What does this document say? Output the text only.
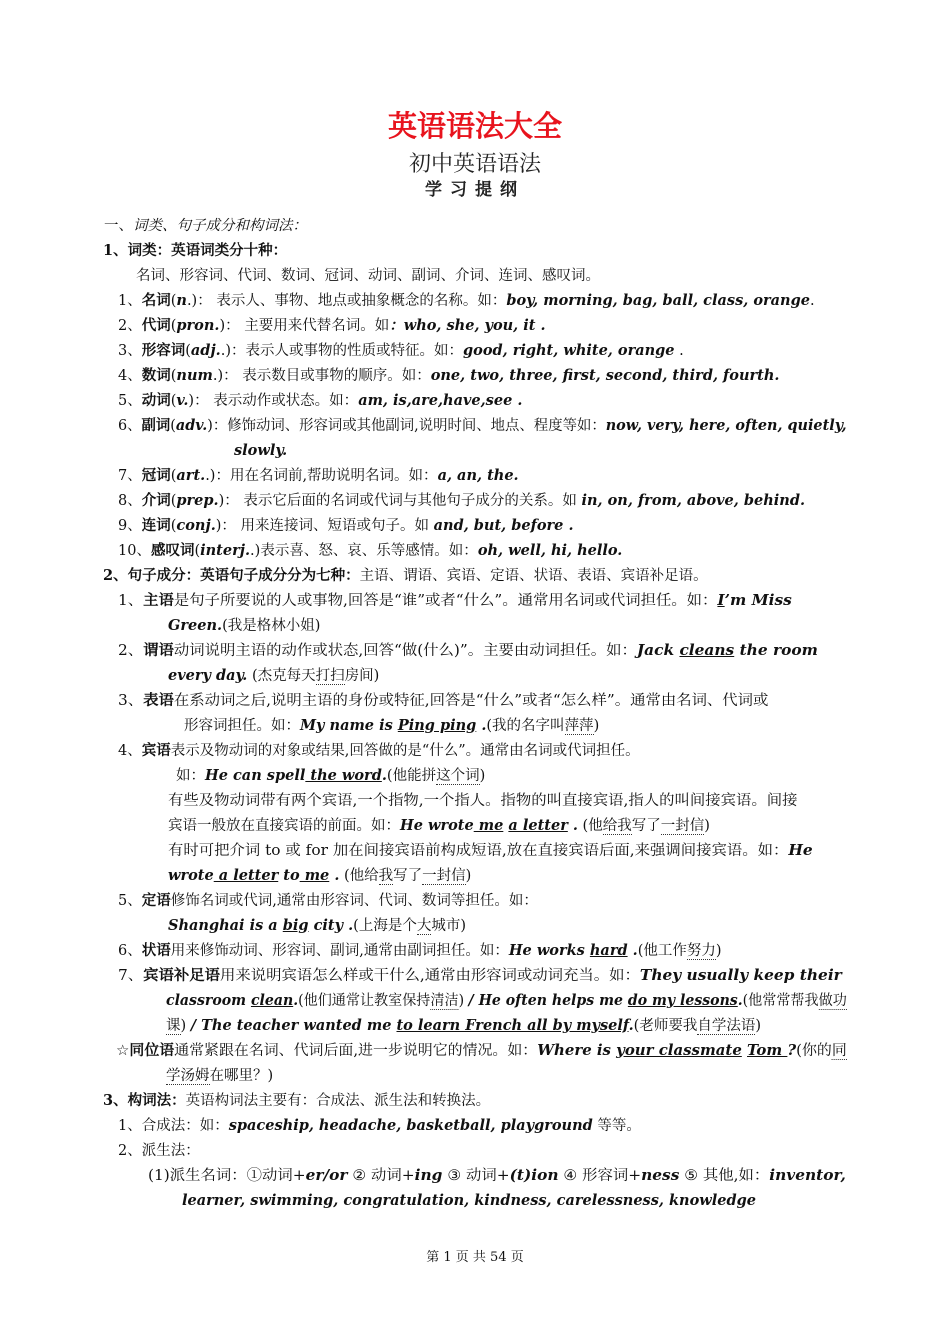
英语语法大全
初中英语语法
学习提纲
一、词类、句子成分和构词法：
1、词类：英语词类分十种：
名词、形容词、代词、数词、冠词、动词、副词、介词、连词、感叹词。
1、名词(n.)： 表示人、事物、地点或抽象概念的名称。如：boy, morning, bag, ball, class, orange.
2、代词(pron.)： 主要用来代替名词。如：who, she, you, it .
3、形容词(adj..)：表示人或事物的性质或特征。如：good, right, white, orange .
4、数词(num.)： 表示数目或事物的顺序。如：one, two, three, first, second, third, fourth.
5、动词(v.)： 表示动作或状态。如：am, is,are,have,see .
6、副词(adv.)：修饰动词、形容词或其他副词,说明时间、地点、程度等如：now, very, here, often, quietly,
slowly.
7、冠词(art..)：用在名词前,帮助说明名词。如：a, an, the.
8、介词(prep.)： 表示它后面的名词或代词与其他句子成分的关系。如 in, on, from, above, behind.
9、连词(conj.)： 用来连接词、短语或句子。如 and, but, before .
10、感叹词(interj..)表示喜、怒、哀、乐等感情。如：oh, well, hi, hello.
2、句子成分：英语句子成分分为七种：主语、谓语、宾语、定语、状语、表语、宾语补足语。
1、主语是句子所要说的人或事物,回答是“谁”或者“什么”。通常用名词或代词担任。如：I’m Miss
Green.(我是格林小姐)
2、谓语动词说明主语的动作或状态,回答“做(什么)”。主要由动词担任。如：Jack cleans the room
every day. (杰克每天打扫房间)
3、表语在系动词之后,说明主语的身份或特征,回答是“什么”或者“怎么样”。通常由名词、代词或
形容词担任。如：My name is Ping ping .(我的名字叫萍萍)
4、宾语表示及物动词的对象或结果,回答做的是“什么”。通常由名词或代词担任。
如：He can spell the word.(他能拼这个词)
有些及物动词带有两个宾语,一个指物,一个指人。指物的叫直接宾语,指人的叫间接宾语。间接
宾语一般放在直接宾语的前面。如：He wrote me a letter . (他给我写了一封信)
有时可把介词 to 或 for 加在间接宾语前构成短语,放在直接宾语后面,来强调间接宾语。如：He
wrote a letter to me . (他给我写了一封信)
5、定语修饰名词或代词,通常由形容词、代词、数词等担任。如：
Shanghai is a big city .(上海是个大城市)
6、状语用来修饰动词、形容词、副词,通常由副词担任。如：He works hard .(他工作努力)
7、宾语补足语用来说明宾语怎么样或干什么,通常由形容词或动词充当。如：They usually keep their
classroom clean.(他们通常让教室保持清洁) / He often helps me do my lessons.(他常常帮我做功
课) / The teacher wanted me to learn French all by myself.(老师要我自学法语)
☆同位语通常紧跟在名词、代词后面,进一步说明它的情况。如：Where is your classmate Tom ?(你的同
学汤姆在哪里？)
3、构词法：英语构词法主要有：合成法、派生法和转换法。
1、合成法：如：spaceship, headache, basketball, playground 等等。
2、派生法：
(1)派生名词：①动词+er/or ② 动词+ing ③ 动词+(t)ion ④ 形容词+ness ⑤ 其他,如：inventor,
learner, swimming, congratulation, kindness, carelessness, knowledge
第 1 页 共 54 页
